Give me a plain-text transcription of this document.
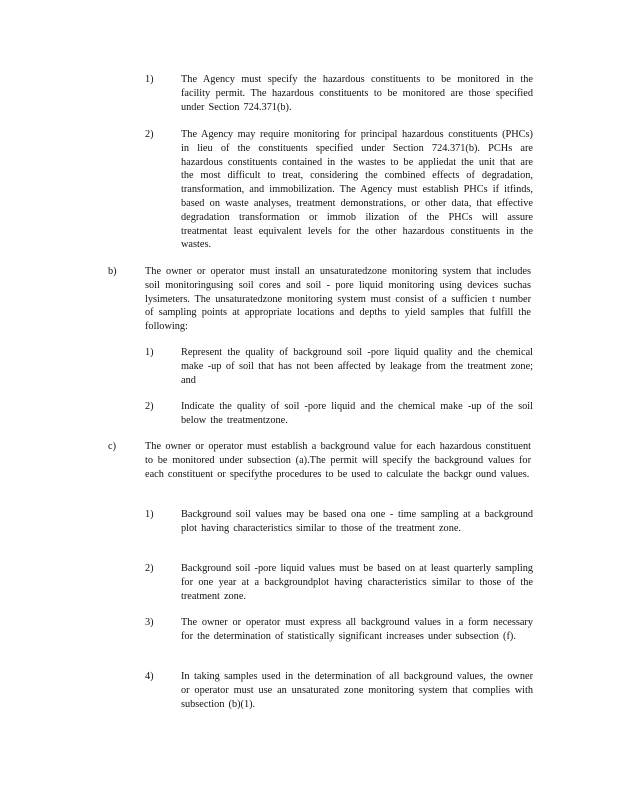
1)	The Agency must specify the hazardous constituents to be monitored in the facility permit. The hazardous constituents to be monitored are those specified under Section 724.371(b).
2)	The Agency may require monitoring for principal hazardous constituents (PHCs) in lieu of the constituents specified under Section 724.371(b). PCHs are hazardous constituents contained in the wastes to be appliedat the unit that are the most difficult to treat, considering the combined effects of degradation, transformation, and immobilization. The Agency must establish PHCs if itfinds, based on waste analyses, treatment demonstrations, or other data, that effective degradation transformation or immob ilization of the PHCs will assure treatmentat least equivalent levels for the other hazardous constituents in the wastes.
b)	The owner or operator must install an unsaturatedzone monitoring system that includes soil monitoringusing soil cores and soil - pore liquid monitoring using devices suchas lysimeters. The unsaturatedzone monitoring system must consist of a sufficien t number of sampling points at appropriate locations and depths to yield samples that fulfill the following:
1)	Represent the quality of background soil -pore liquid quality and the chemical make -up of soil that has not been affected by leakage from the treatment zone; and
2)	Indicate the quality of soil -pore liquid and the chemical make -up of the soil below the treatmentzone.
c)	The owner or operator must establish a background value for each hazardous constituent to be monitored under subsection (a).The permit will specify the background values for each constituent or specifythe procedures to be used to calculate the backgr ound values.
1)	Background soil values may be based ona one - time sampling at a background plot having characteristics similar to those of the treatment zone.
2)	Background soil -pore liquid values must be based on at least quarterly sampling for one year at a backgroundplot having characteristics similar to those of the treatment zone.
3)	The owner or operator must express all background values in a form necessary for the determination of statistically significant increases under subsection (f).
4)	In taking samples used in the determination of all background values, the owner or operator must use an unsaturated zone monitoring system that complies with subsection (b)(1).
